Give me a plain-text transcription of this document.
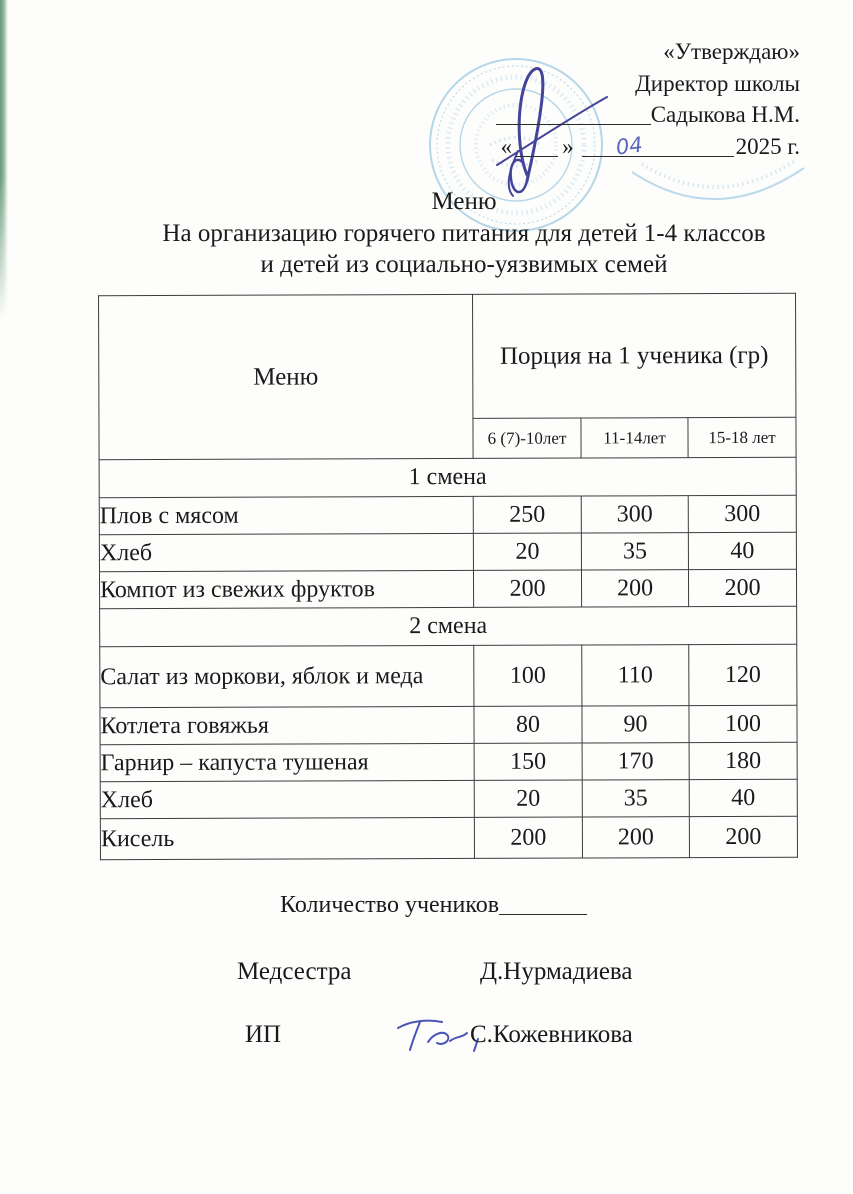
«Утверждаю»
Директор школы
Садыкова Н.М.
« » 04	2025 г.
Меню
На организацию горячего питания для детей 1-4 классов
и детей из социально-уязвимых семей
Меню	Порция на 1 ученика (гр)		
	6 (7)-10лет	11-14лет	15-18 лет
1 смена			
Плов с мясом	250	300	300
Хлеб	20	35	40
Компот из свежих фруктов	200	200	200
2 смена			
Салат из моркови, яблок и меда	100	110	120
Котлета говяжья	80	90	100
Гарнир – капуста тушеная	150	170	180
Хлеб	20	35	40
Кисель	200	200	200
Количество учеников
Медсестра	Д.Нурмадиева
ИП	С.Кожевникова
